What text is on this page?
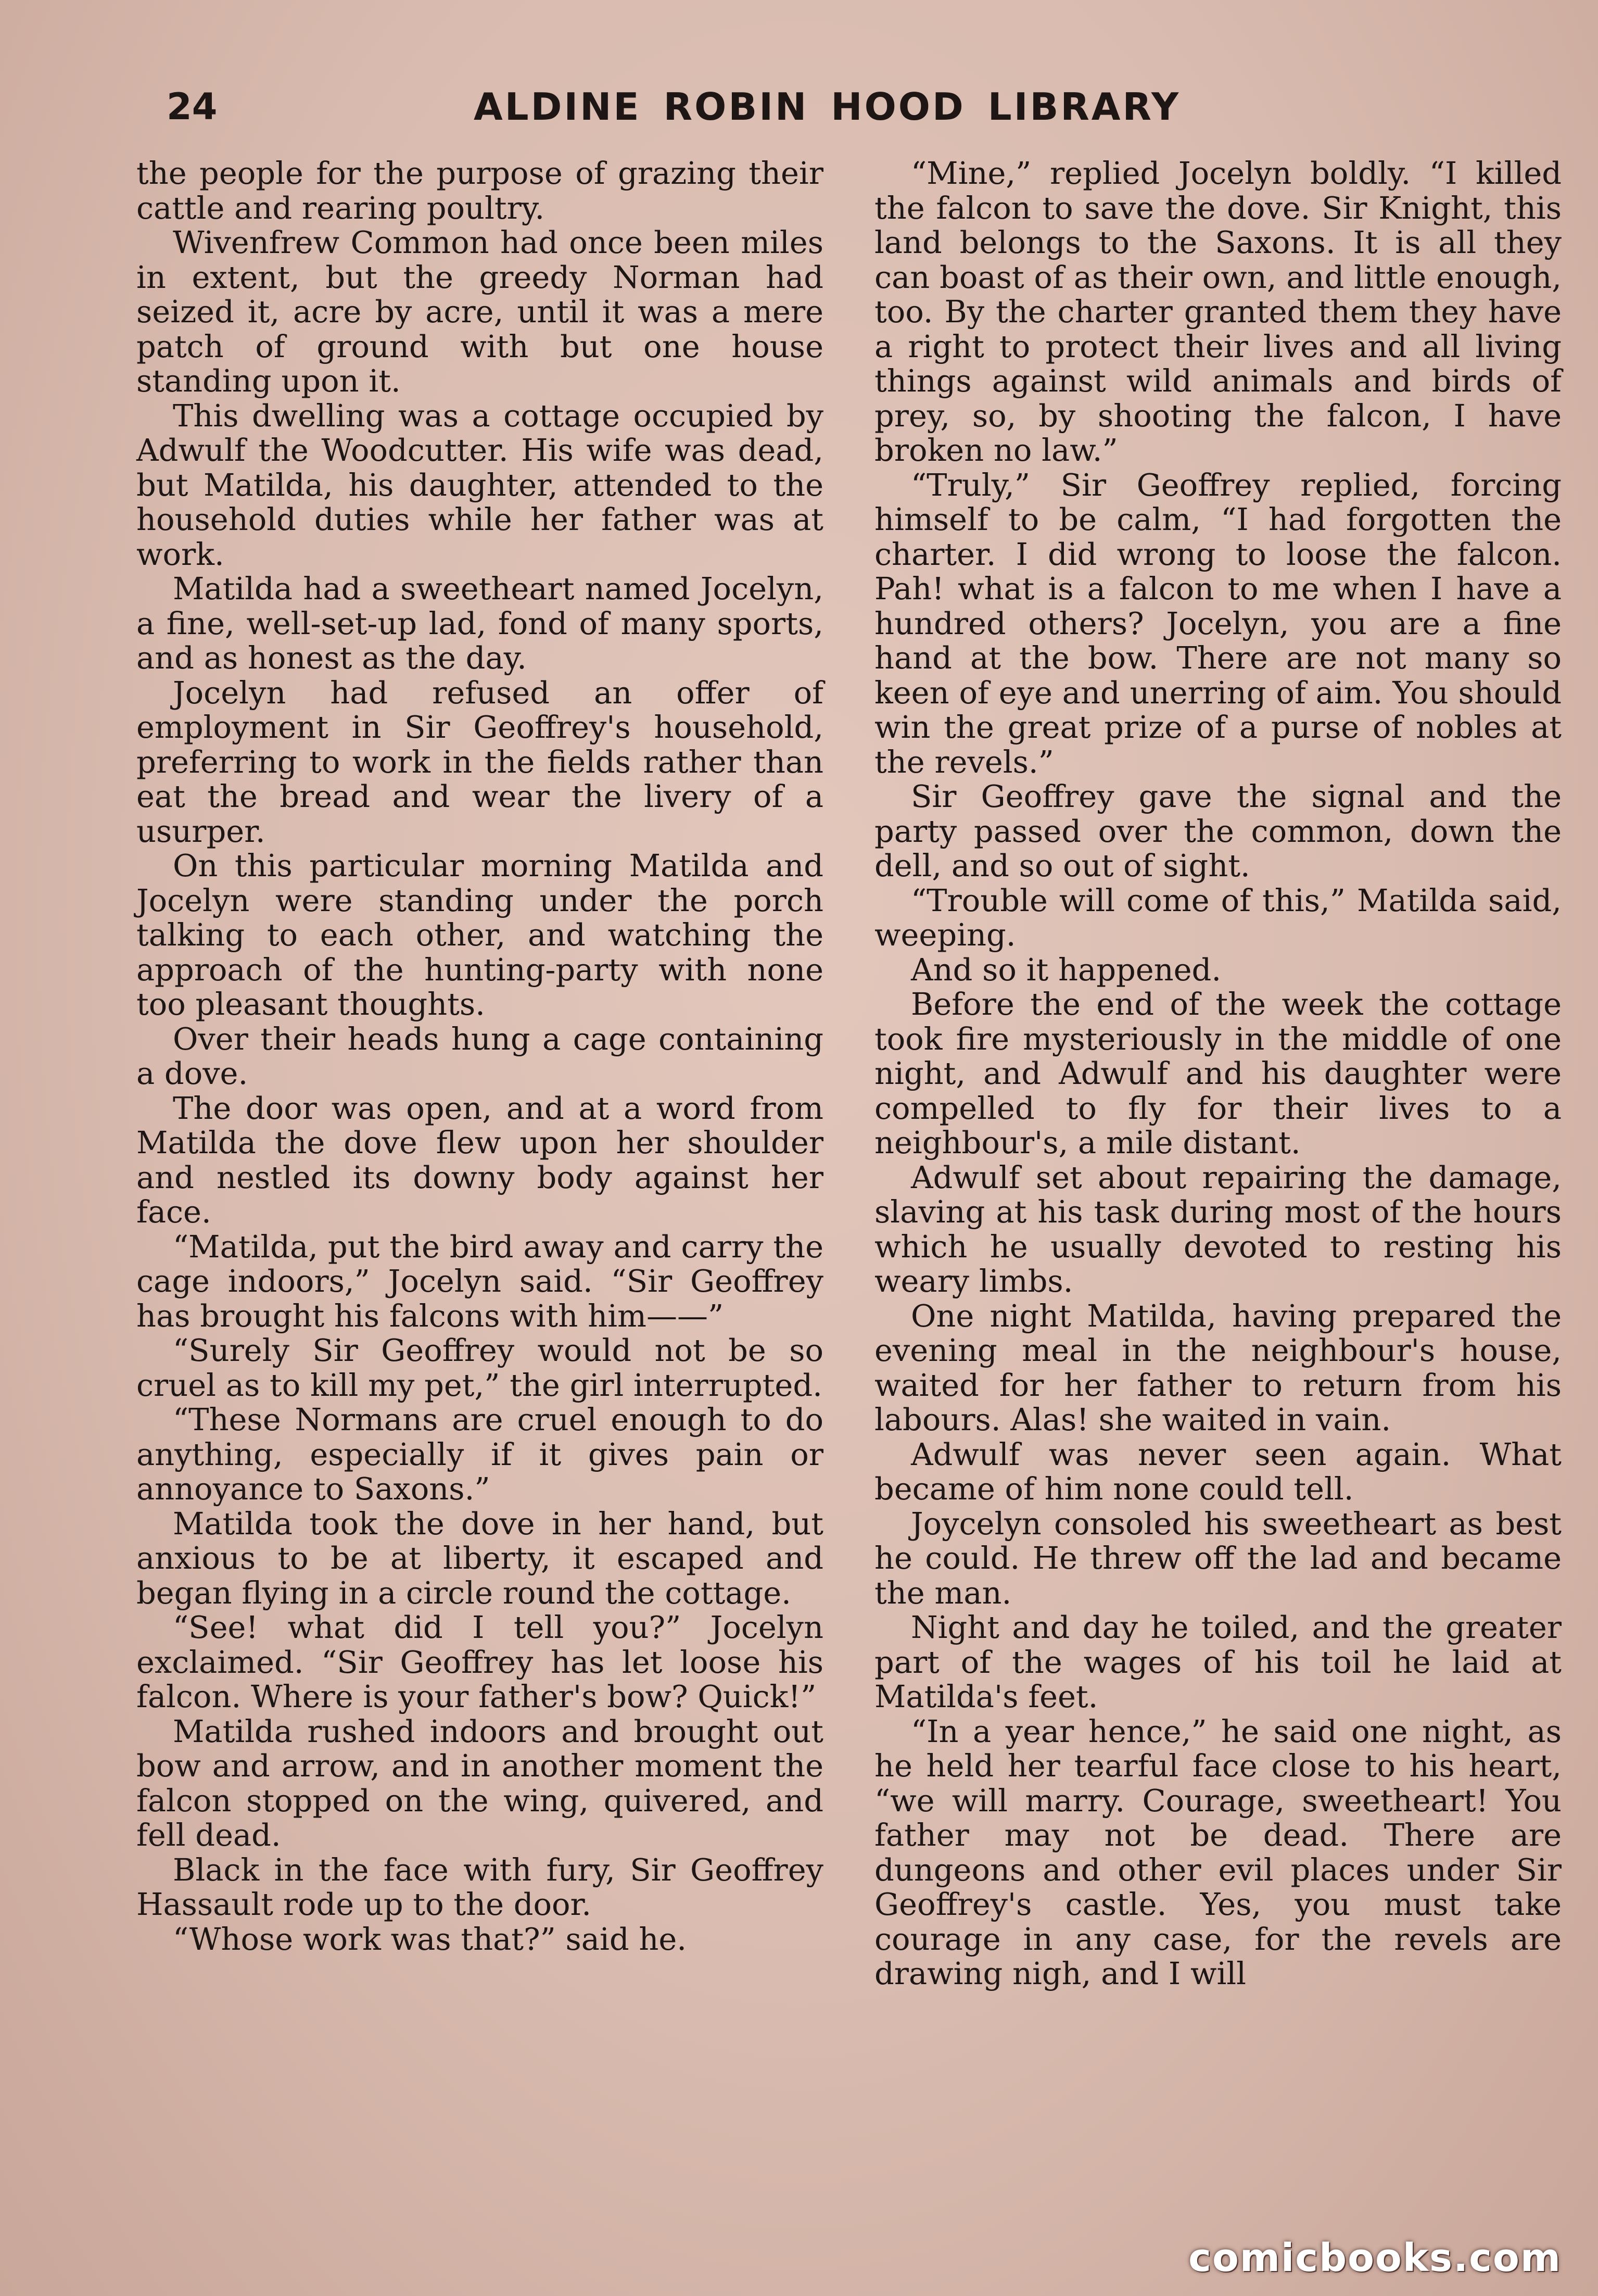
24	ALDINE ROBIN HOOD LIBRARY

the people for the purpose of grazing their cattle and rearing poultry.

Wivenfrew Common had once been miles in extent, but the greedy Norman had seized it, acre by acre, until it was a mere patch of ground with but one house standing upon it.

This dwelling was a cottage occupied by Adwulf the Woodcutter. His wife was dead, but Matilda, his daughter, attended to the household duties while her father was at work.

Matilda had a sweetheart named Jocelyn, a fine, well-set-up lad, fond of many sports, and as honest as the day.

Jocelyn had refused an offer of employment in Sir Geoffrey's household, preferring to work in the fields rather than eat the bread and wear the livery of a usurper.

On this particular morning Matilda and Jocelyn were standing under the porch talking to each other, and watching the approach of the hunting-party with none too pleasant thoughts.

Over their heads hung a cage containing a dove.

The door was open, and at a word from Matilda the dove flew upon her shoulder and nestled its downy body against her face.

“Matilda, put the bird away and carry the cage indoors,” Jocelyn said. “Sir Geoffrey has brought his falcons with him——”

“Surely Sir Geoffrey would not be so cruel as to kill my pet,” the girl interrupted.

“These Normans are cruel enough to do anything, especially if it gives pain or annoyance to Saxons.”

Matilda took the dove in her hand, but anxious to be at liberty, it escaped and began flying in a circle round the cottage.

“See! what did I tell you?” Jocelyn exclaimed. “Sir Geoffrey has let loose his falcon. Where is your father's bow? Quick!”

Matilda rushed indoors and brought out bow and arrow, and in another moment the falcon stopped on the wing, quivered, and fell dead.

Black in the face with fury, Sir Geoffrey Hassault rode up to the door.

“Whose work was that?” said he.

“Mine,” replied Jocelyn boldly. “I killed the falcon to save the dove. Sir Knight, this land belongs to the Saxons. It is all they can boast of as their own, and little enough, too. By the charter granted them they have a right to protect their lives and all living things against wild animals and birds of prey, so, by shooting the falcon, I have broken no law.”

“Truly,” Sir Geoffrey replied, forcing himself to be calm, “I had forgotten the charter. I did wrong to loose the falcon. Pah! what is a falcon to me when I have a hundred others? Jocelyn, you are a fine hand at the bow. There are not many so keen of eye and unerring of aim. You should win the great prize of a purse of nobles at the revels.”

Sir Geoffrey gave the signal and the party passed over the common, down the dell, and so out of sight.

“Trouble will come of this,” Matilda said, weeping.

And so it happened.

Before the end of the week the cottage took fire mysteriously in the middle of one night, and Adwulf and his daughter were compelled to fly for their lives to a neighbour's, a mile distant.

Adwulf set about repairing the damage, slaving at his task during most of the hours which he usually devoted to resting his weary limbs.

One night Matilda, having prepared the evening meal in the neighbour's house, waited for her father to return from his labours. Alas! she waited in vain.

Adwulf was never seen again. What became of him none could tell.

Joycelyn consoled his sweetheart as best he could. He threw off the lad and became the man.

Night and day he toiled, and the greater part of the wages of his toil he laid at Matilda's feet.

“In a year hence,” he said one night, as he held her tearful face close to his heart, “we will marry. Courage, sweetheart! You father may not be dead. There are dungeons and other evil places under Sir Geoffrey's castle. Yes, you must take courage in any case, for the revels are drawing nigh, and I will

comicbooks.com
